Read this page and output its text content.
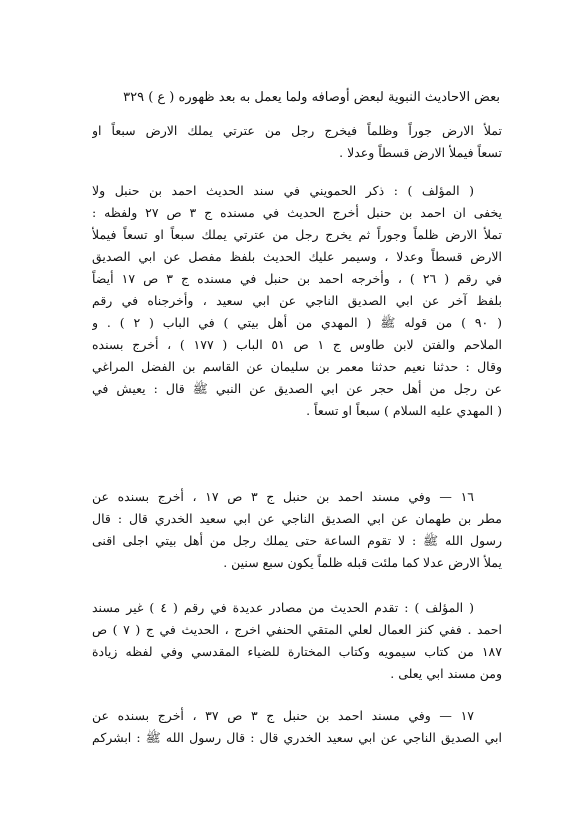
بعض الاحاديث النبوية لبعض أوصافه ولما يعمل به بعد ظهوره ( ع ) ٣٢٩
تملأ الارض جوراً وظلماً فيخرج رجل من عترتي يملك الارض سبعاً او
تسعاً فيملأ الارض قسطاً وعدلا .
( المؤلف ) : ذكر الحمويني في سند الحديث احمد بن حنبل ولا
يخفى ان احمد بن حنبل أخرج الحديث في مسنده ج ٣ ص ٢٧ ولفظه :
تملأ الارض ظلماً وجوراً ثم يخرج رجل من عترتي يملك سبعاً او تسعاً فيملأ
الارض قسطاً وعدلا ، وسيمر عليك الحديث بلفظ مفصل عن ابي الصديق
في رقم ( ٢٦ ) ، وأخرجه احمد بن حنبل في مسنده ج ٣ ص ١٧ أيضاً
بلفظ آخر عن ابي الصديق الناجي عن ابي سعيد ، وأخرجناه في رقم
( ٩٠ ) من قوله ﷺ ( المهدي من أهل بيتي ) في الباب ( ٢ ) . و
الملاحم والفتن لابن طاوس ج ١ ص ٥١ الباب ( ١٧٧ ) ، أخرج بسنده
وقال : حدثنا نعيم حدثنا معمر بن سليمان عن القاسم بن الفضل المراغي
عن رجل من أهل حجر عن ابي الصديق عن النبي ﷺ قال : يعيش في
( المهدي عليه السلام ) سبعاً او تسعاً .
١٦ — وفي مسند احمد بن حنبل ج ٣ ص ١٧ ، أخرج بسنده عن
مطر بن طهمان عن ابي الصديق الناجي عن ابي سعيد الخدري قال : قال
رسول الله ﷺ : لا تقوم الساعة حتى يملك رجل من أهل بيتي اجلى اقنى
يملأ الارض عدلا كما ملئت قبله ظلماً يكون سبع سنين .
( المؤلف ) : تقدم الحديث من مصادر عديدة في رقم ( ٤ ) غير مسند
احمد . ففي كنز العمال لعلي المتقي الحنفي اخرج ، الحديث في ج ( ٧ ) ص
١٨٧ من كتاب سيمويه وكتاب المختارة للضياء المقدسي وفي لفظه زيادة
ومن مسند ابي يعلى .
١٧ — وفي مسند احمد بن حنبل ج ٣ ص ٣٧ ، أخرج بسنده عن
ابي الصديق الناجي عن ابي سعيد الخدري قال : قال رسول الله ﷺ : ابشركم
